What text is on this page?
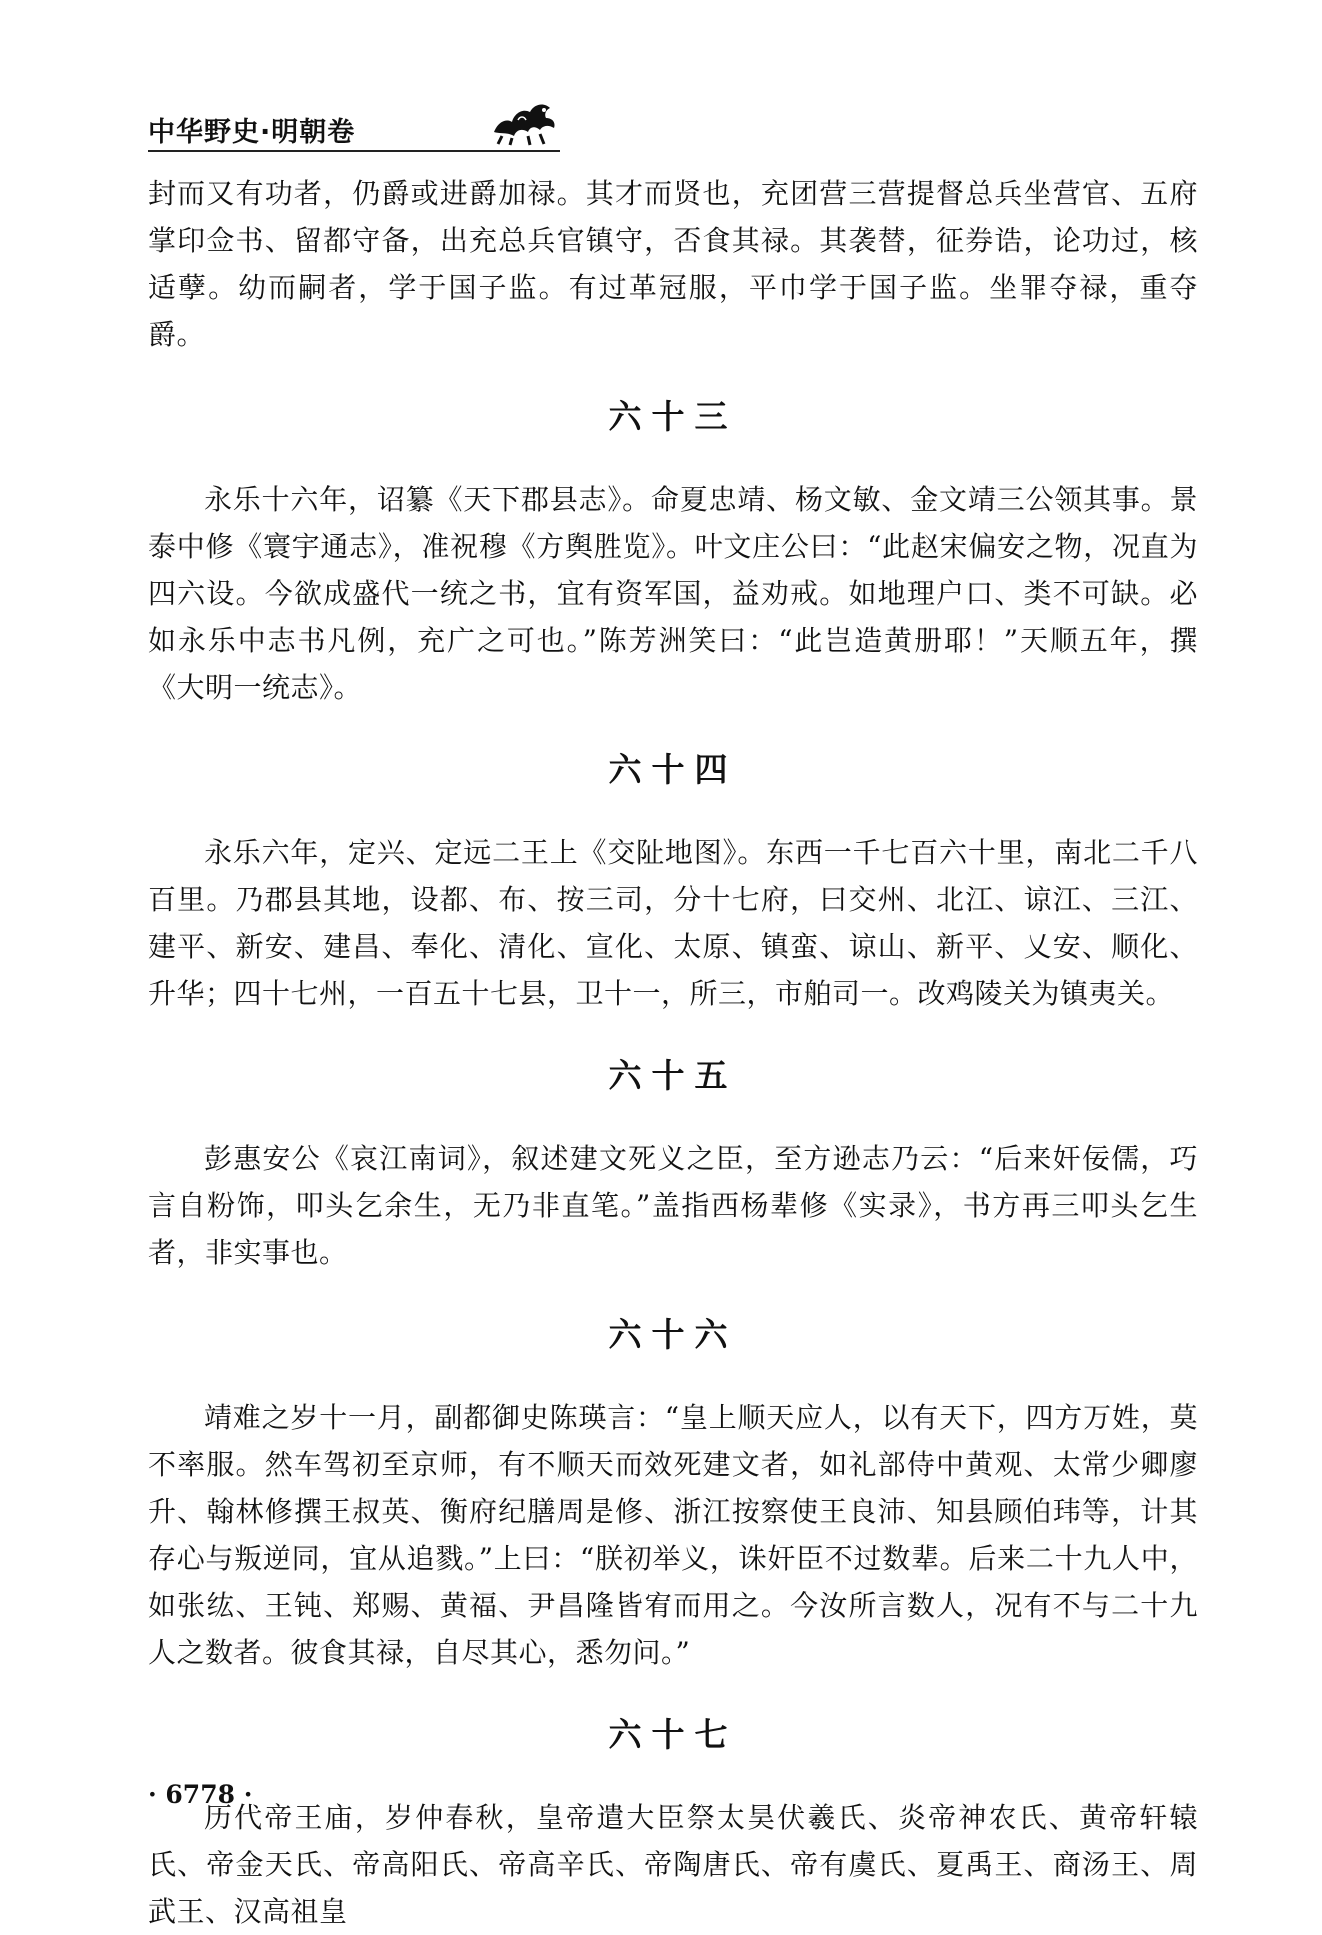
中华野史·明朝卷

封而又有功者，仍爵或进爵加禄。其才而贤也，充团营三营提督总兵坐营官、五府掌印佥书、留都守备，出充总兵官镇守，否食其禄。其袭替，征券诰，论功过，核适孽。幼而嗣者，学于国子监。有过革冠服，平巾学于国子监。坐罪夺禄，重夺爵。

六十三

永乐十六年，诏纂《天下郡县志》。命夏忠靖、杨文敏、金文靖三公领其事。景泰中修《寰宇通志》，准祝穆《方舆胜览》。叶文庄公曰：“此赵宋偏安之物，况直为四六设。今欲成盛代一统之书，宜有资军国，益劝戒。如地理户口、类不可缺。必如永乐中志书凡例，充广之可也。”陈芳洲笑曰：“此岂造黄册耶！”天顺五年，撰《大明一统志》。

六十四

永乐六年，定兴、定远二王上《交阯地图》。东西一千七百六十里，南北二千八百里。乃郡县其地，设都、布、按三司，分十七府，曰交州、北江、谅江、三江、建平、新安、建昌、奉化、清化、宣化、太原、镇蛮、谅山、新平、乂安、顺化、升华；四十七州，一百五十七县，卫十一，所三，市舶司一。改鸡陵关为镇夷关。

六十五

彭惠安公《哀江南词》，叙述建文死义之臣，至方逊志乃云：“后来奸佞儒，巧言自粉饰，叩头乞余生，无乃非直笔。”盖指西杨辈修《实录》，书方再三叩头乞生者，非实事也。

六十六

靖难之岁十一月，副都御史陈瑛言：“皇上顺天应人，以有天下，四方万姓，莫不率服。然车驾初至京师，有不顺天而效死建文者，如礼部侍中黄观、太常少卿廖升、翰林修撰王叔英、衡府纪膳周是修、浙江按察使王良沛、知县顾伯玮等，计其存心与叛逆同，宜从追戮。”上曰：“朕初举义，诛奸臣不过数辈。后来二十九人中，如张纮、王钝、郑赐、黄福、尹昌隆皆宥而用之。今汝所言数人，况有不与二十九人之数者。彼食其禄，自尽其心，悉勿问。”

六十七

历代帝王庙，岁仲春秋，皇帝遣大臣祭太昊伏羲氏、炎帝神农氏、黄帝轩辕氏、帝金天氏、帝高阳氏、帝高辛氏、帝陶唐氏、帝有虞氏、夏禹王、商汤王、周武王、汉高祖皇

· 6778 ·
